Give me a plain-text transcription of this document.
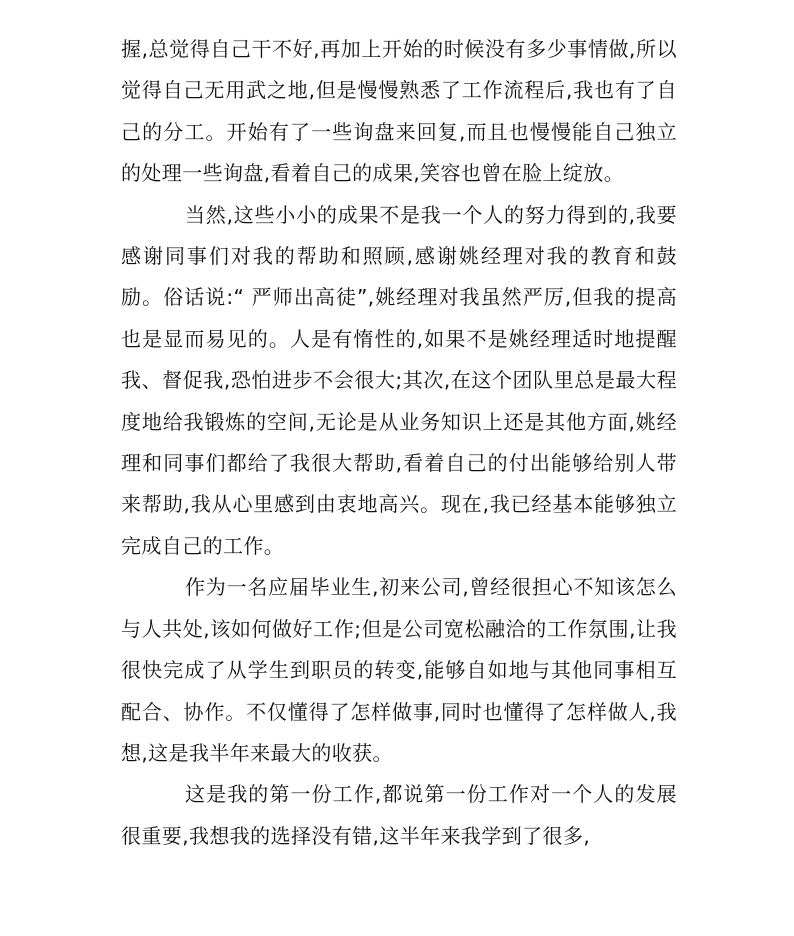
握,总觉得自己干不好,再加上开始的时候没有多少事情做,所以觉得自己无用武之地,但是慢慢熟悉了工作流程后,我也有了自己的分工。开始有了一些询盘来回复,而且也慢慢能自己独立的处理一些询盘,看着自己的成果,笑容也曾在脸上绽放。

当然,这些小小的成果不是我一个人的努力得到的,我要感谢同事们对我的帮助和照顾,感谢姚经理对我的教育和鼓励。俗话说:“ 严师出高徒”,姚经理对我虽然严厉,但我的提高也是显而易见的。人是有惰性的,如果不是姚经理适时地提醒我、督促我,恐怕进步不会很大;其次,在这个团队里总是最大程度地给我锻炼的空间,无论是从业务知识上还是其他方面,姚经理和同事们都给了我很大帮助,看着自己的付出能够给别人带来帮助,我从心里感到由衷地高兴。现在,我已经基本能够独立完成自己的工作。

作为一名应届毕业生,初来公司,曾经很担心不知该怎么与人共处,该如何做好工作;但是公司宽松融洽的工作氛围,让我很快完成了从学生到职员的转变,能够自如地与其他同事相互配合、协作。不仅懂得了怎样做事,同时也懂得了怎样做人,我想,这是我半年来最大的收获。

这是我的第一份工作,都说第一份工作对一个人的发展很重要,我想我的选择没有错,这半年来我学到了很多,
